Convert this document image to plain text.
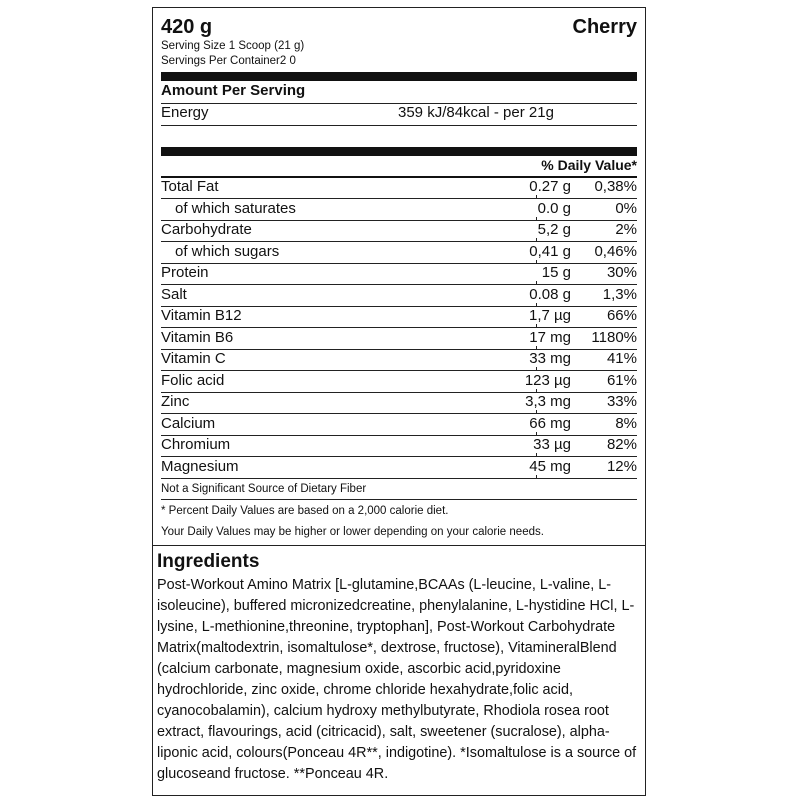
420 g	Cherry
Serving Size 1 Scoop (21 g)
Servings Per Container2 0
Amount Per Serving
Energy	359 kJ/84kcal - per 21g
% Daily Value*
Total Fat	0.27 g 0,38%
of which saturates	0.0 g	0%
Carbohydrate	5,2 g	2%
of which sugars	0,41 g 0,46%
Protein	15 g 30%
Salt	0.08 g 1,3%
Vitamin B12	1,7 µg 66%
Vitamin B6	17 mg 1180%
Vitamin C	33 mg 41%
Folic acid	123 µg 61%
Zinc	3,3 mg 33%
Calcium	66 mg	8%
Chromium	33 µg 82%
Magnesium	45 mg 12%
Not a Significant Source of Dietary Fiber
* Percent Daily Values are based on a 2,000 calorie diet.
Your Daily Values may be higher or lower depending on your calorie needs.
Ingredients
Post-Workout Amino Matrix [L-glutamine,BCAAs (L-leucine, L-valine, L-isoleucine), buffered micronizedcreatine, phenylalanine, L-hystidine HCl, L-lysine, L-methionine,threonine, tryptophan], Post-Workout Carbohydrate Matrix(maltodextrin, isomaltulose*, dextrose, fructose), VitamineralBlend (calcium carbonate, magnesium oxide, ascorbic acid,pyridoxine hydrochloride, zinc oxide, chrome chloride hexahydrate,folic acid, cyanocobalamin), calcium hydroxy methylbutyrate, Rhodiola rosea root extract, flavourings, acid (citricacid), salt, sweetener (sucralose), alpha-liponic acid, colours(Ponceau 4R**, indigotine). *Isomaltulose is a source of glucoseand fructose. **Ponceau 4R.
